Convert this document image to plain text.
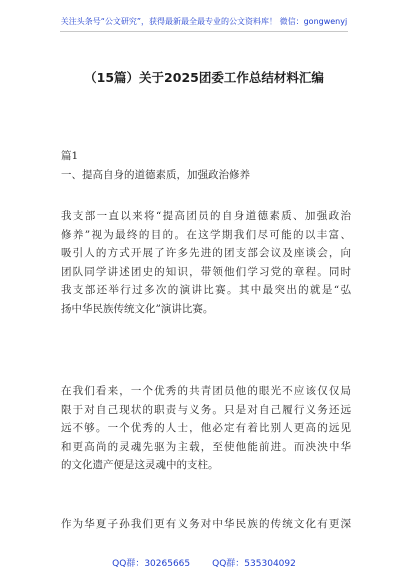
关注头条号“公文研究”，获得最新最全最专业的公文资料库！ 微信：gongwenyj
（15篇）关于2025团委工作总结材料汇编
篇1
一、提高自身的道德素质，加强政治修养
我支部一直以来将“提高团员的自身道德素质、加强政治
修养”视为最终的目的。在这学期我们尽可能的以丰富、
吸引人的方式开展了许多先进的团支部会议及座谈会，向
团队同学讲述团史的知识，带领他们学习党的章程。同时
我支部还举行过多次的演讲比赛。其中最突出的就是“弘
扬中华民族传统文化”演讲比赛。
在我们看来，一个优秀的共青团员他的眼光不应该仅仅局
限于对自己现状的职责与义务。只是对自己履行义务还远
远不够。一个优秀的人士，他必定有着比别人更高的远见
和更高尚的灵魂先驱为主载，至使他能前进。而泱泱中华
的文化遗产便是这灵魂中的支柱。
作为华夏子孙我们更有义务对中华民族的传统文化有更深
QQ群：30265665 QQ群：535304092
